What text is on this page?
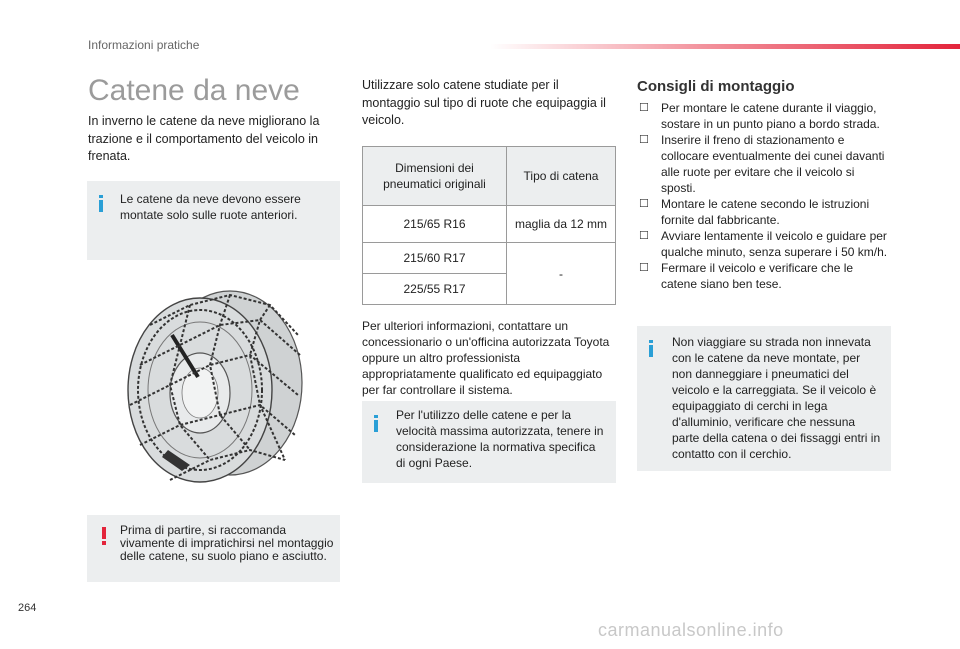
Informazioni pratiche
Catene da neve

In inverno le catene da neve migliorano la trazione e il comportamento del veicolo in frenata.

Le catene da neve devono essere montate solo sulle ruote anteriori.

Prima di partire, si raccomanda vivamente di impratichirsi nel montaggio delle catene, su suolo piano e asciutto.

Utilizzare solo catene studiate per il montaggio sul tipo di ruote che equipaggia il veicolo.

Dimensioni dei pneumatici originali	Tipo di catena
215/65 R16	maglia da 12 mm
215/60 R17	-
225/55 R17	

Per ulteriori informazioni, contattare un concessionario o un'officina autorizzata Toyota oppure un altro professionista appropriatamente qualificato ed equipaggiato per far controllare il sistema.

Per l'utilizzo delle catene e per la velocità massima autorizzata, tenere in considerazione la normativa specifica di ogni Paese.

Consigli di montaggio
☐ Per montare le catene durante il viaggio, sostare in un punto piano a bordo strada.
☐ Inserire il freno di stazionamento e collocare eventualmente dei cunei davanti alle ruote per evitare che il veicolo si sposti.
☐ Montare le catene secondo le istruzioni fornite dal fabbricante.
☐ Avviare lentamente il veicolo e guidare per qualche minuto, senza superare i 50 km/h.
☐ Fermare il veicolo e verificare che le catene siano ben tese.

Non viaggiare su strada non innevata con le catene da neve montate, per non danneggiare i pneumatici del veicolo e la carreggiata. Se il veicolo è equipaggiato di cerchi in lega d'alluminio, verificare che nessuna parte della catena o dei fissaggi entri in contatto con il cerchio.

264
carmanualsonline.info
